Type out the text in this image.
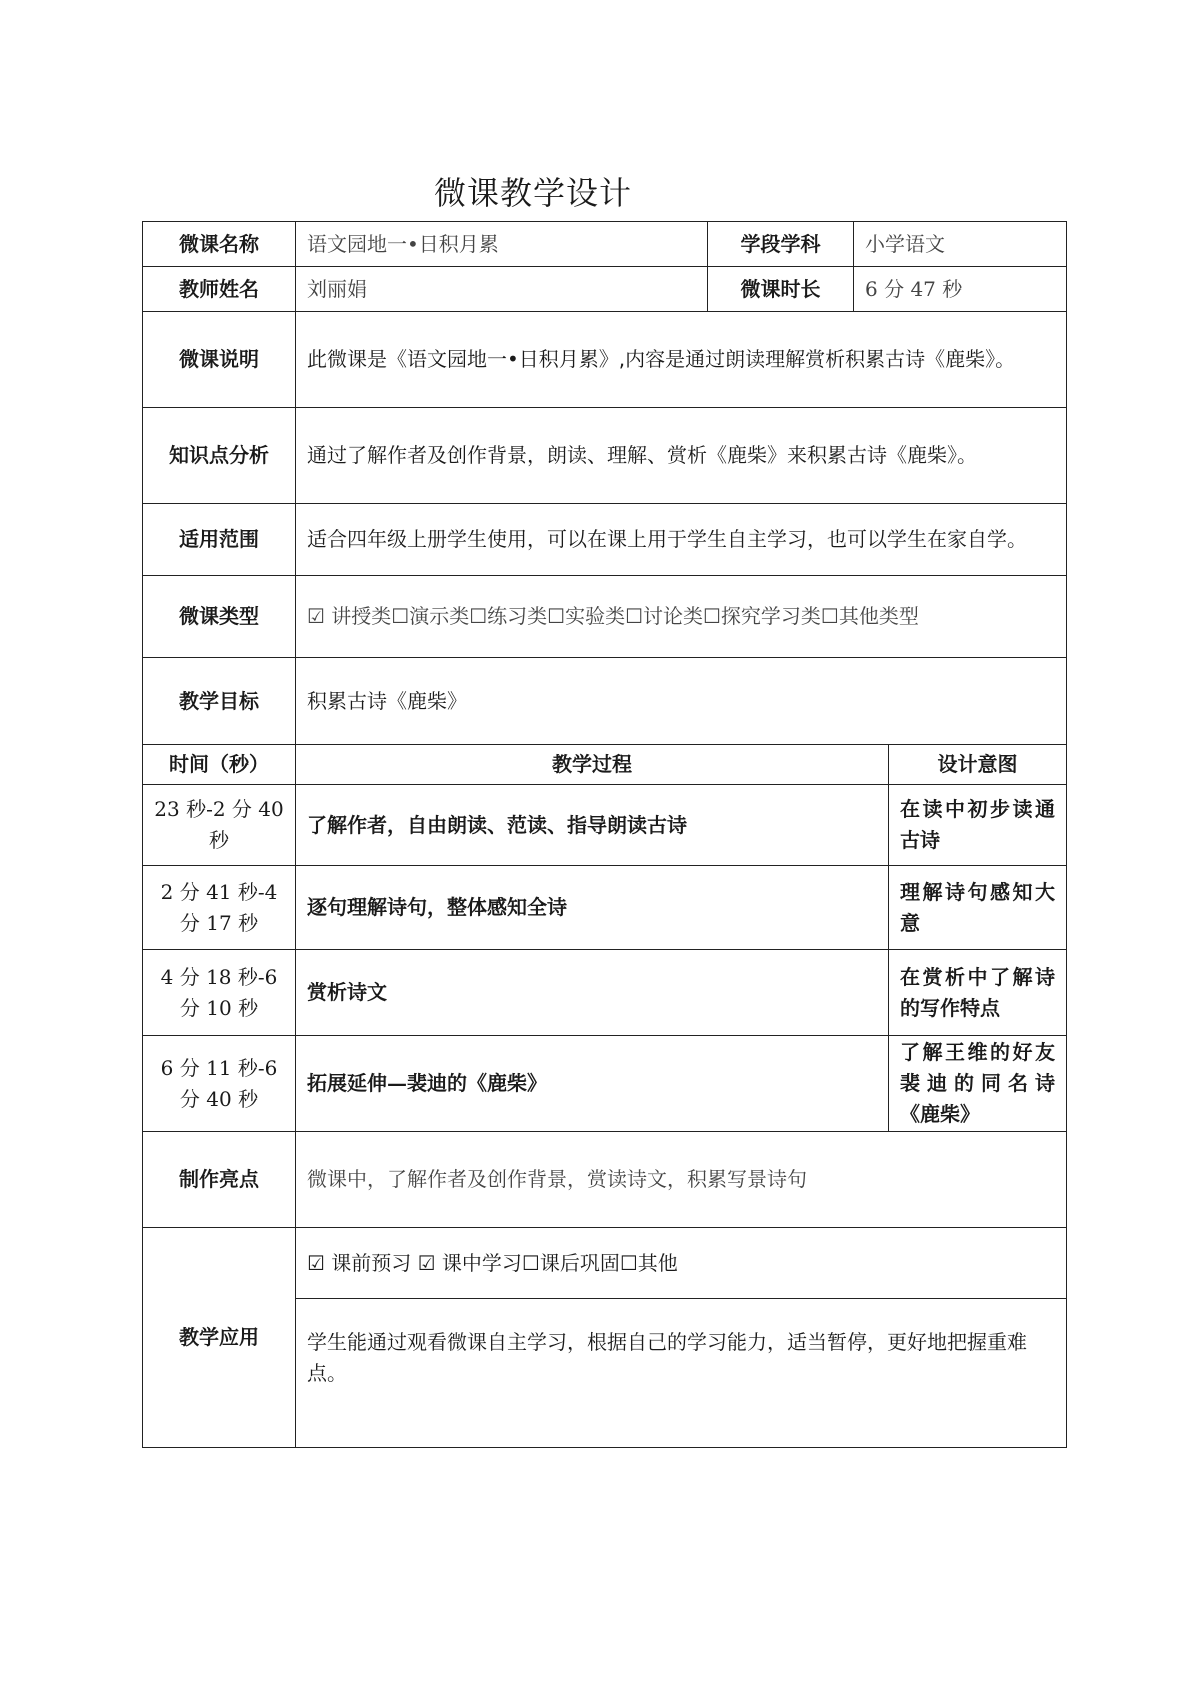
微课教学设计
微课名称	语文园地一•日积月累	学段学科	小学语文	
教师姓名	刘丽娟	微课时长	6 分 47 秒	
微课说明	此微课是《语文园地一•日积月累》,内容是通过朗读理解赏析积累古诗《鹿柴》。			
知识点分析	通过了解作者及创作背景，朗读、理解、赏析《鹿柴》来积累古诗《鹿柴》。			
适用范围	适合四年级上册学生使用，可以在课上用于学生自主学习，也可以学生在家自学。			
微课类型	☑ 讲授类☐演示类☐练习类☐实验类☐讨论类☐探究学习类☐其他类型			
教学目标	积累古诗《鹿柴》			
时间（秒）	教学过程			设计意图
23 秒-2 分 40 秒	了解作者，自由朗读、范读、指导朗读古诗			在读中初步读通古诗
2 分 41 秒-4 分 17 秒	逐句理解诗句，整体感知全诗			理解诗句感知大意
4 分 18 秒-6 分 10 秒	赏析诗文			在赏析中了解诗的写作特点
6 分 11 秒-6 分 40 秒	拓展延伸—裴迪的《鹿柴》			了解王维的好友裴迪的同名诗《鹿柴》
制作亮点	微课中，了解作者及创作背景，赏读诗文，积累写景诗句			
教学应用	☑ 课前预习 ☑ 课中学习☐课后巩固☐其他			
	学生能通过观看微课自主学习，根据自己的学习能力，适当暂停，更好地把握重难点。			
